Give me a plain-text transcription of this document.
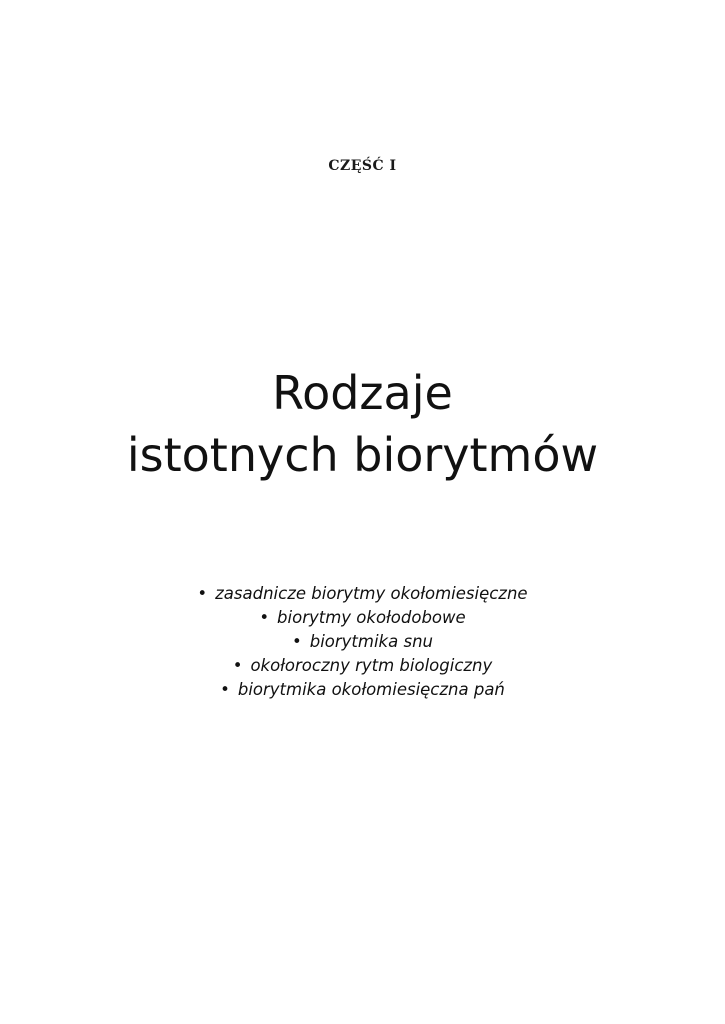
CZĘŚĆ I
Rodzaje
istotnych biorytmów
• zasadnicze biorytmy okołomiesięczne
• biorytmy okołodobowe
• biorytmika snu
• okołoroczny rytm biologiczny
• biorytmika okołomiesięczna pań
